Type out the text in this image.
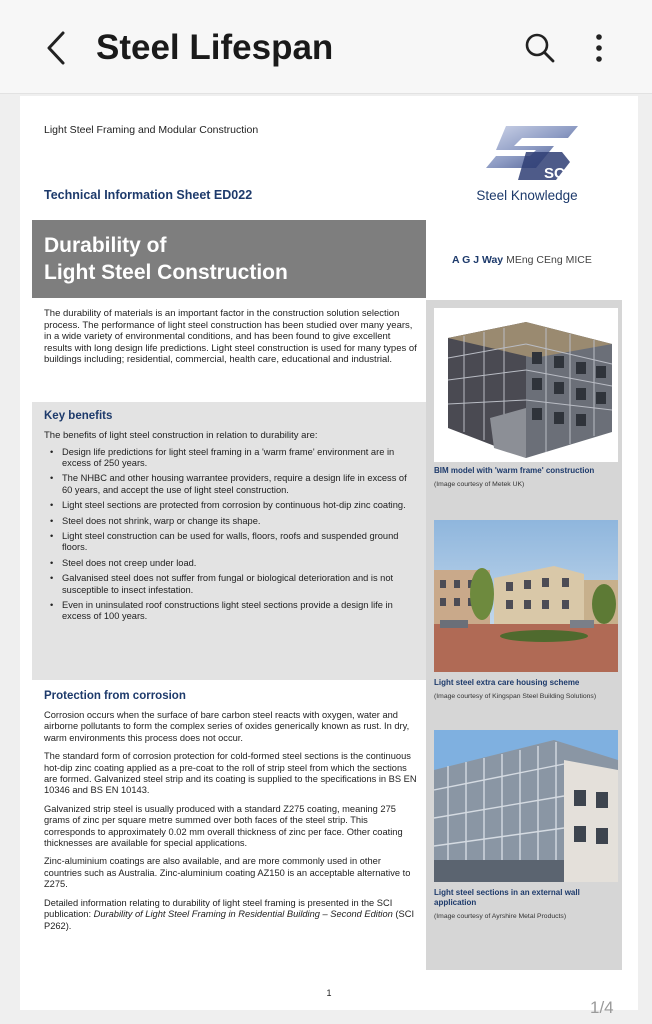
Steel Lifespan
Light Steel Framing and Modular Construction
Technical Information Sheet ED022
SCI
Steel Knowledge
Durability of
Light Steel Construction
A G J Way MEng CEng MICE

The durability of materials is an important factor in the construction solution selection process. The performance of light steel construction has been studied over many years, in a wide variety of environmental conditions, and has been found to give excellent results with long design life predictions. Light steel construction is used for many types of buildings including; residential, commercial, health care, educational and industrial.

Key benefits

The benefits of light steel construction in relation to durability are:

• Design life predictions for light steel framing in a 'warm frame' environment are in excess of 250 years.
• The NHBC and other housing warrantee providers, require a design life in excess of 60 years, and accept the use of light steel construction.
• Light steel sections are protected from corrosion by continuous hot-dip zinc coating.
• Steel does not shrink, warp or change its shape.
• Light steel construction can be used for walls, floors, roofs and suspended ground floors.
• Steel does not creep under load.
• Galvanised steel does not suffer from fungal or biological deterioration and is not susceptible to insect infestation.
• Even in uninsulated roof constructions light steel sections provide a design life in excess of 100 years.
Protection from corrosion

Corrosion occurs when the surface of bare carbon steel reacts with oxygen, water and airborne pollutants to form the complex series of oxides generically known as rust. In dry, warm environments this process does not occur.

The standard form of corrosion protection for cold-formed steel sections is the continuous hot-dip zinc coating applied as a pre-coat to the roll of strip steel from which the sections are formed. Galvanized steel strip and its coating is supplied to the specifications in BS EN 10346 and BS EN 10143.

Galvanized strip steel is usually produced with a standard Z275 coating, meaning 275 grams of zinc per square metre summed over both faces of the steel strip. This corresponds to approximately 0.02 mm overall thickness of zinc per face. Other coating thicknesses are available for special applications.

Zinc-aluminium coatings are also available, and are more commonly used in other countries such as Australia. Zinc-aluminium coating AZ150 is an acceptable alternative to Z275.

Detailed information relating to durability of light steel framing is presented in the SCI publication: Durability of Light Steel Framing in Residential Building – Second Edition (SCI P262).

BIM model with 'warm frame' construction
(Image courtesy of Metek UK)
Light steel extra care housing scheme
(Image courtesy of Kingspan Steel Building Solutions)
Light steel sections in an external wall application
(Image courtesy of Ayrshire Metal Products)
1
1/4
